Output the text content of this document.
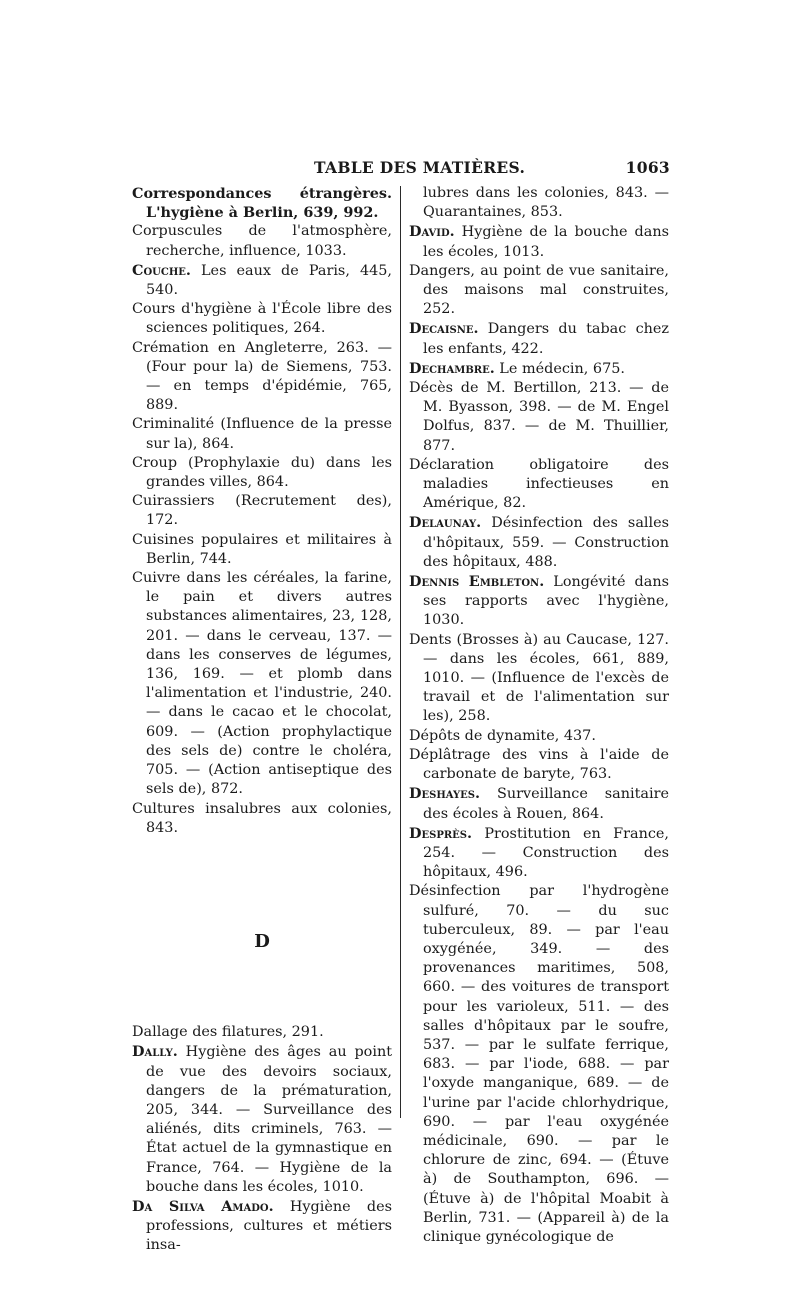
TABLE DES MATIÈRES.	1063

Correspondances étrangères. L'hygiène à Berlin, 639, 992.

Corpuscules de l'atmosphère, recherche, influence, 1033.

Couche. Les eaux de Paris, 445, 540.

Cours d'hygiène à l'École libre des sciences politiques, 264.

Crémation en Angleterre, 263. — (Four pour la) de Siemens, 753. — en temps d'épidémie, 765, 889.

Criminalité (Influence de la presse sur la), 864.

Croup (Prophylaxie du) dans les grandes villes, 864.

Cuirassiers (Recrutement des), 172.

Cuisines populaires et militaires à Berlin, 744.

Cuivre dans les céréales, la farine, le pain et divers autres substances alimentaires, 23, 128, 201. — dans le cerveau, 137. — dans les conserves de légumes, 136, 169. — et plomb dans l'alimentation et l'industrie, 240. — dans le cacao et le chocolat, 609. — (Action prophylactique des sels de) contre le choléra, 705. — (Action antiseptique des sels de), 872.

Cultures insalubres aux colonies, 843.

D

Dallage des filatures, 291.

Dally. Hygiène des âges au point de vue des devoirs sociaux, dangers de la prématuration, 205, 344. — Surveillance des aliénés, dits criminels, 763. — État actuel de la gymnastique en France, 764. — Hygiène de la bouche dans les écoles, 1010.

Da Silva Amado. Hygiène des professions, cultures et métiers insa-

lubres dans les colonies, 843. — Quarantaines, 853.

David. Hygiène de la bouche dans les écoles, 1013.

Dangers, au point de vue sanitaire, des maisons mal construites, 252.

Decaisne. Dangers du tabac chez les enfants, 422.

Dechambre. Le médecin, 675.

Décès de M. Bertillon, 213. — de M. Byasson, 398. — de M. Engel Dolfus, 837. — de M. Thuillier, 877.

Déclaration obligatoire des maladies infectieuses en Amérique, 82.

Delaunay. Désinfection des salles d'hôpitaux, 559. — Construction des hôpitaux, 488.

Dennis Embleton. Longévité dans ses rapports avec l'hygiène, 1030.

Dents (Brosses à) au Caucase, 127. — dans les écoles, 661, 889, 1010. — (Influence de l'excès de travail et de l'alimentation sur les), 258.

Dépôts de dynamite, 437.

Déplâtrage des vins à l'aide de carbonate de baryte, 763.

Deshayes. Surveillance sanitaire des écoles à Rouen, 864.

Desprès. Prostitution en France, 254. — Construction des hôpitaux, 496.

Désinfection par l'hydrogène sulfuré, 70. — du suc tuberculeux, 89. — par l'eau oxygénée, 349. — des provenances maritimes, 508, 660. — des voitures de transport pour les varioleux, 511. — des salles d'hôpitaux par le soufre, 537. — par le sulfate ferrique, 683. — par l'iode, 688. — par l'oxyde manganique, 689. — de l'urine par l'acide chlorhydrique, 690. — par l'eau oxygénée médicinale, 690. — par le chlorure de zinc, 694. — (Étuve à) de Southampton, 696. — (Étuve à) de l'hôpital Moabit à Berlin, 731. — (Appareil à) de la clinique gynécologique de
